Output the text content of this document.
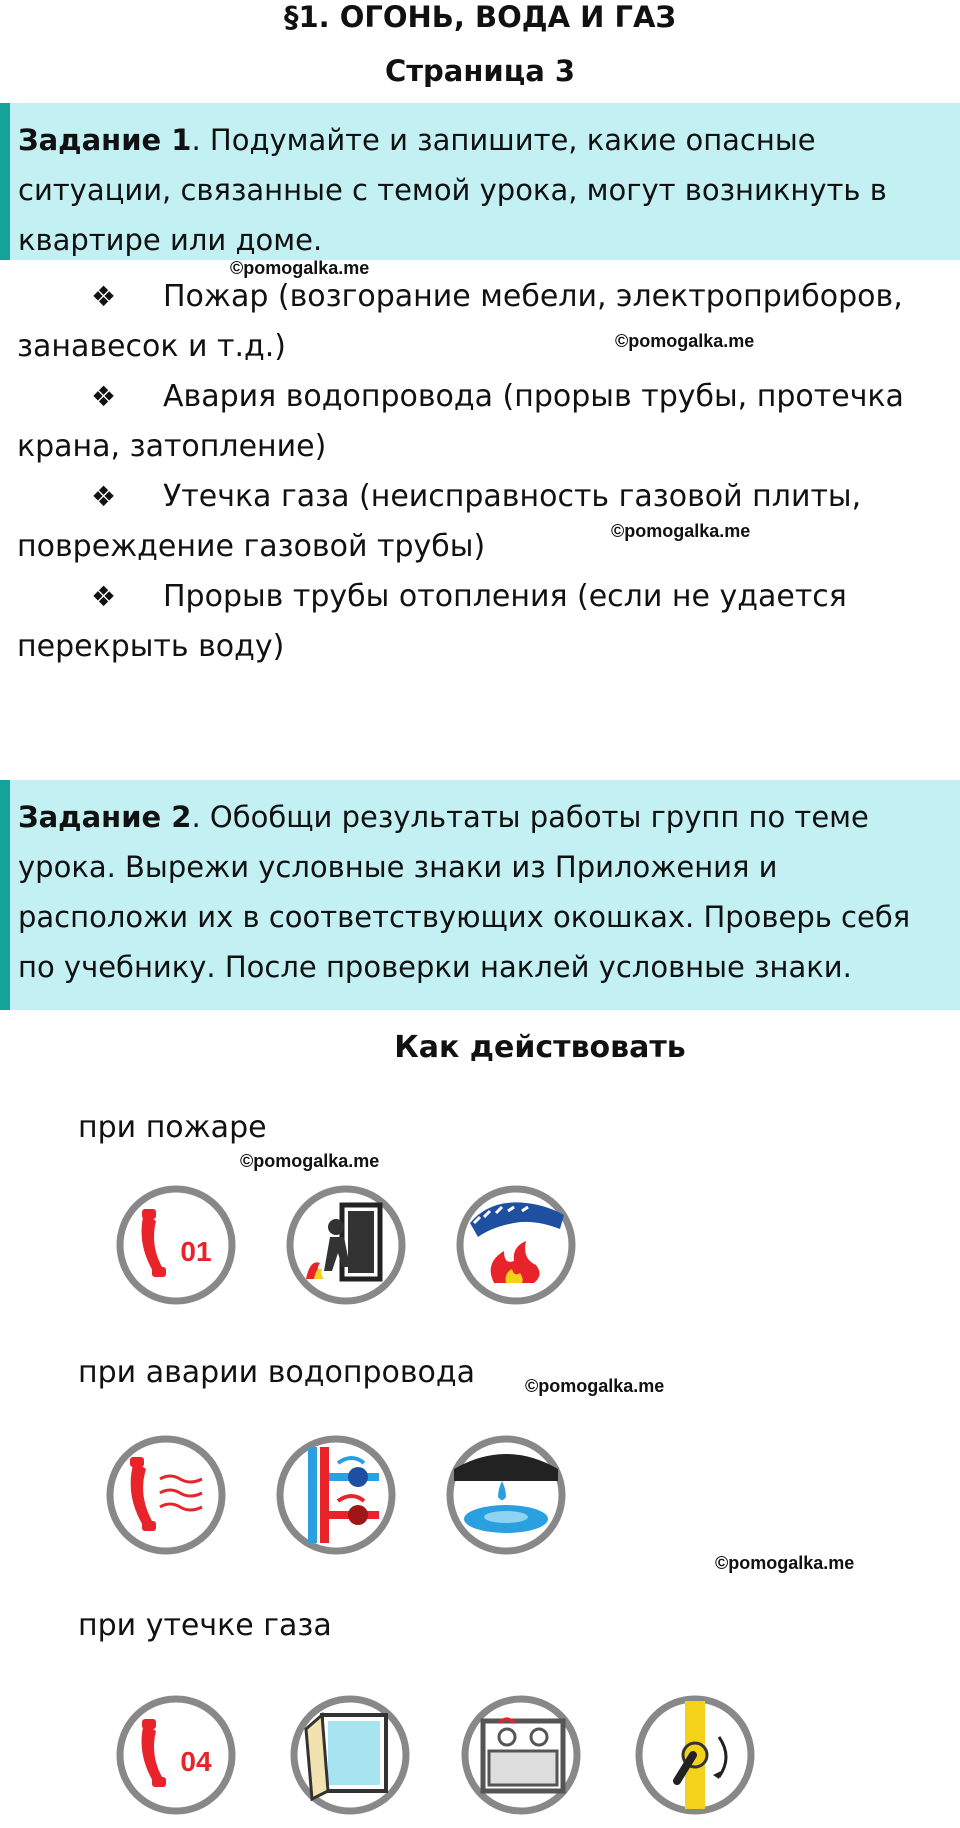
§1. ОГОНЬ, ВОДА И ГАЗ
Страница 3
Задание 1. Подумайте и запишите, какие опасные ситуации, связанные с темой урока, могут возникнуть в квартире или доме.
©pomogalka.me
❖ Пожар (возгорание мебели, электроприборов, занавесок и т.д.)	©pomogalka.me
❖ Авария водопровода (прорыв трубы, протечка крана, затопление)
❖ Утечка газа (неисправность газовой плиты, повреждение газовой трубы)	©pomogalka.me
❖ Прорыв трубы отопления (если не удается перекрыть воду)
Задание 2. Обобщи результаты работы групп по теме урока. Вырежи условные знаки из Приложения и расположи их в соответствующих окошках. Проверь себя по учебнику. После проверки наклей условные знаки.
Как действовать
при пожаре
©pomogalka.me
01
при аварии водопровода	©pomogalka.me
©pomogalka.me
при утечке газа
04
